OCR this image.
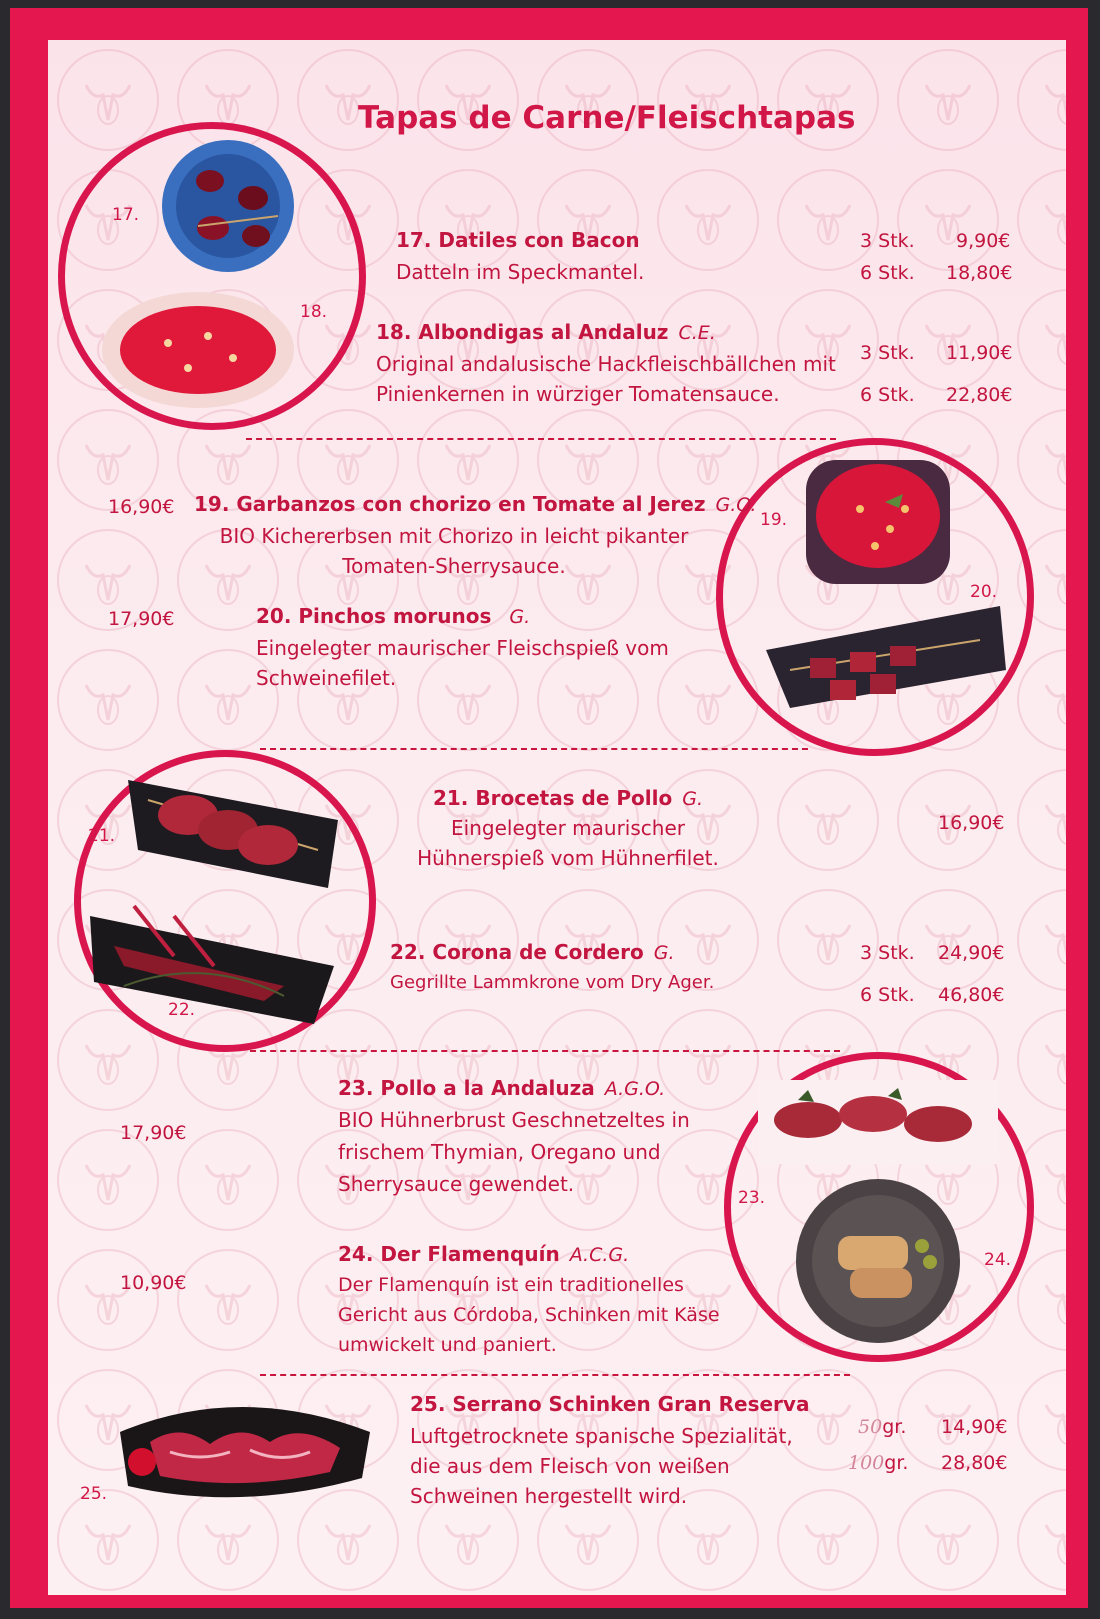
Tapas de Carne/Fleischtapas
17.
18.
17. Datiles con Bacon
Datteln im Speckmantel.
3 Stk. 9,90€
6 Stk. 18,80€
18. Albondigas al Andaluz C.E.
Original andalusische Hackfleischbällchen mit
Pinienkernen in würziger Tomatensauce.
3 Stk. 11,90€
6 Stk. 22,80€
19.
20.
16,90€ 19. Garbanzos con chorizo en Tomate al Jerez G.O.
BIO Kichererbsen mit Chorizo in leicht pikanter
Tomaten-Sherrysauce.
17,90€	20. Pinchos morunos G.
Eingelegter maurischer Fleischspieß vom
Schweinefilet.
21.
22.
21. Brocetas de Pollo G.
Eingelegter maurischer
Hühnerspieß vom Hühnerfilet.
16,90€
22. Corona de Cordero G.
Gegrillte Lammkrone vom Dry Ager.
3 Stk. 24,90€
6 Stk. 46,80€
23.
24.
17,90€
23. Pollo a la Andaluza A.G.O.
BIO Hühnerbrust Geschnetzeltes in
frischem Thymian, Oregano und
Sherrysauce gewendet.
10,90€
24. Der Flamenquín A.C.G.
Der Flamenquín ist ein traditionelles
Gericht aus Córdoba, Schinken mit Käse
umwickelt und paniert.
25.
25. Serrano Schinken Gran Reserva
Luftgetrocknete spanische Spezialität,
die aus dem Fleisch von weißen
Schweinen hergestellt wird.
50gr. 14,90€
100gr. 28,80€
